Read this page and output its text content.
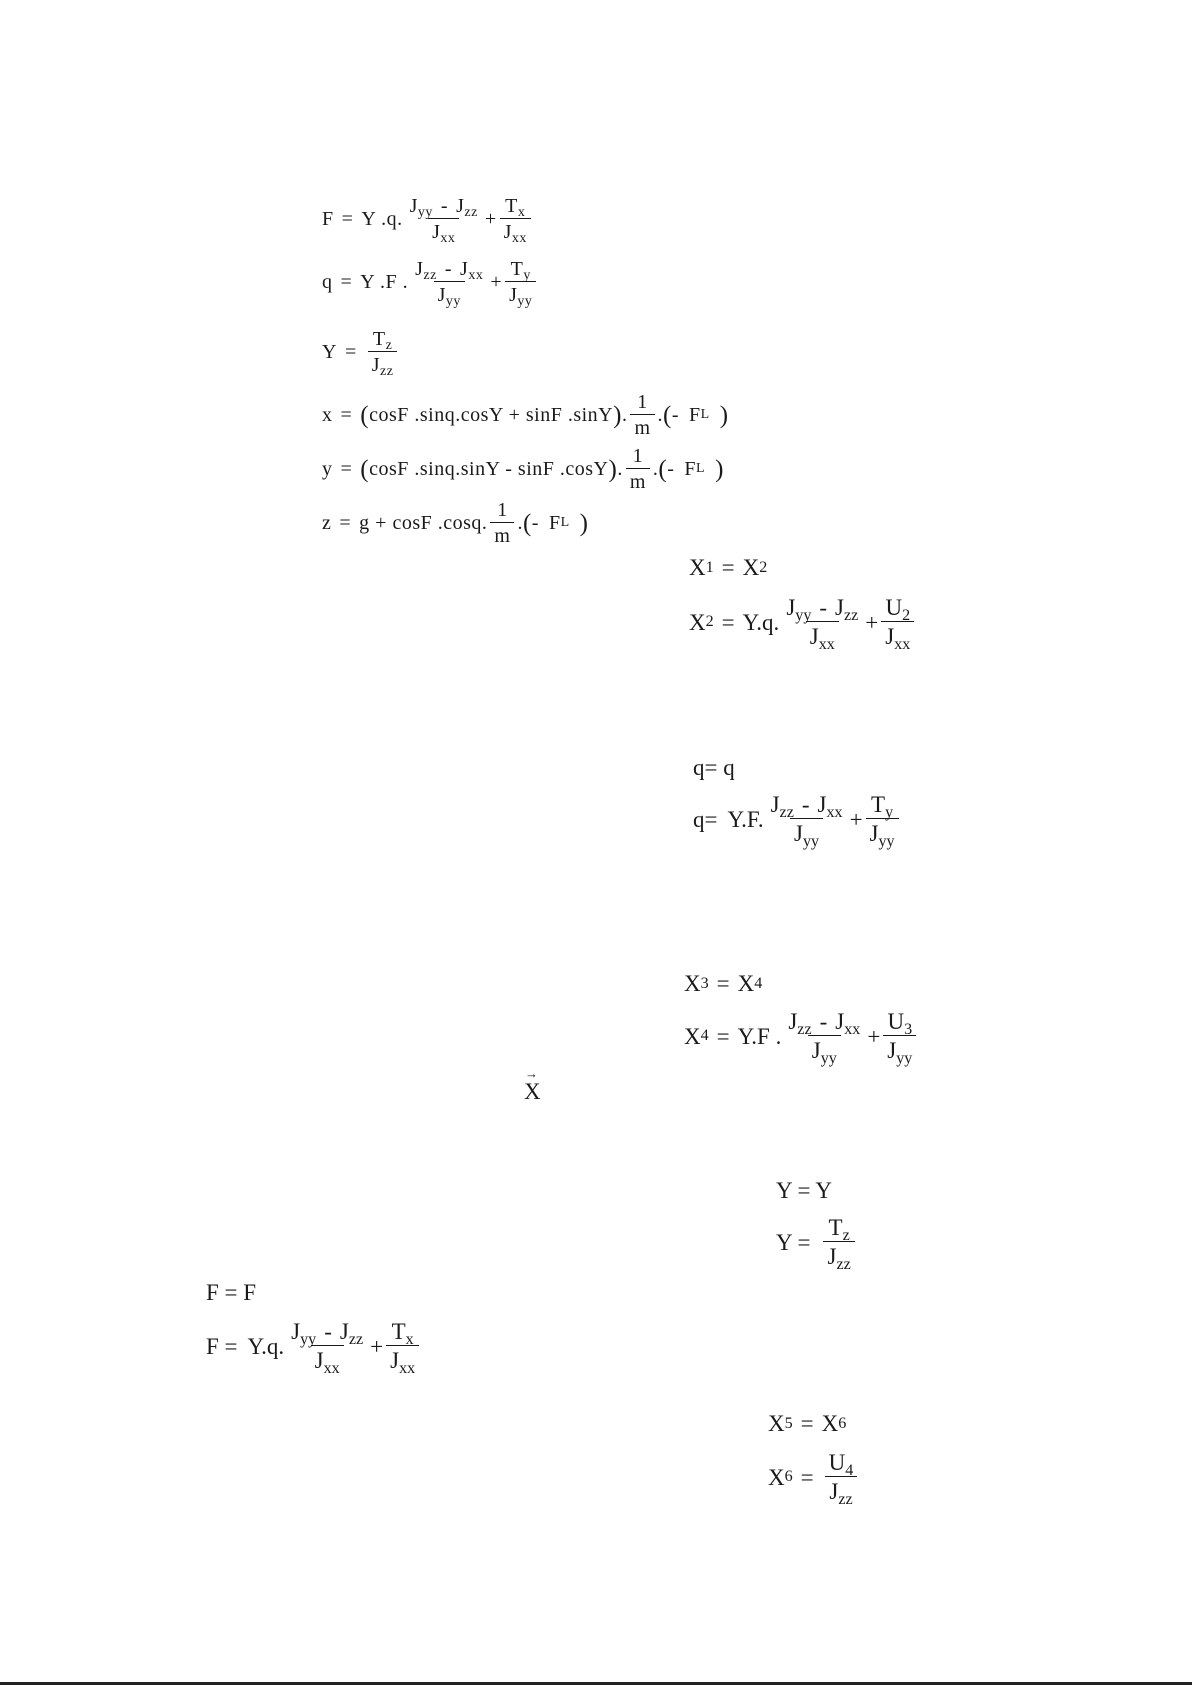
F = Y .q. $\frac{J_{yy} - J_{zz}}{J_{xx}} + \frac{T_x}{J_{xx}}$
q = Y .F . $\frac{J_{zz} - J_{xx}}{J_{yy}} + \frac{T_y}{J_{yy}}$
$Y = \frac{T_z}{J_{zz}}$
x = ( cosF .sinq.cosY + sinF .sinY ) . $\frac{1}{m}$ . ( - F L )
y = ( cosF .sinq.sinY - sinF .cosY ) . $\frac{1}{m}$ . ( - F L )
z = g + cosF .cosq. $\frac{1}{m}$ . ( - F L )
X 1 = X 2
X 2 = Y.q. $\frac{J_{yy} - J_{zz}}{J_{xx}} + \frac{U_2}{J_{xx}}$
q= q
q= Y.F. $\frac{J_{zz} - J_{xx}}{J_{yy}} + \frac{T_y}{J_{yy}}$
X 3 = X 4
X 4 = Y.F . $\frac{J_{zz} - J_{xx}}{J_{yy}} + \frac{U_3}{J_{yy}}$
→
X
Y = Y
$Y = \frac{T_z}{J_{zz}}$
F = F
F = Y.q. $\frac{J_{yy} - J_{zz}}{J_{xx}} + \frac{T_x}{J_{xx}}$
X 5 = X 6
X $6 = \frac{U_4}{J_{zz}}$
